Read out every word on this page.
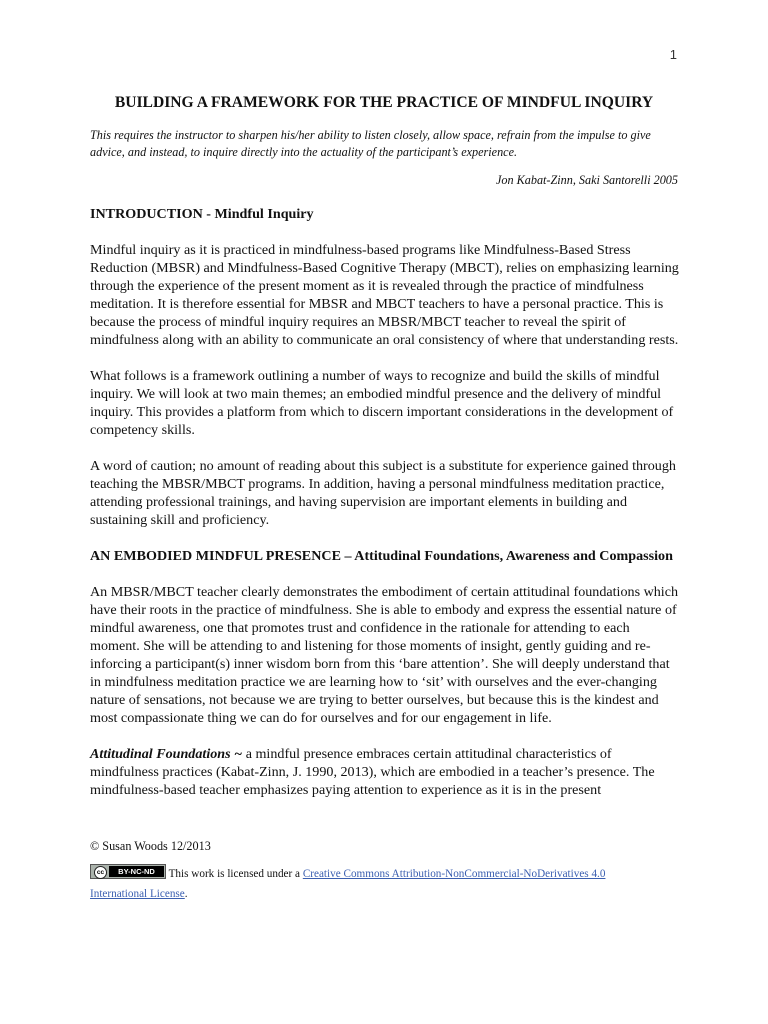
1
BUILDING A FRAMEWORK FOR THE PRACTICE OF MINDFUL INQUIRY

This requires the instructor to sharpen his/her ability to listen closely, allow space, refrain from the impulse to give advice, and instead, to inquire directly into the actuality of the participant’s experience.

Jon Kabat-Zinn, Saki Santorelli 2005

INTRODUCTION - Mindful Inquiry

Mindful inquiry as it is practiced in mindfulness-based programs like Mindfulness-Based Stress Reduction (MBSR) and Mindfulness-Based Cognitive Therapy (MBCT), relies on emphasizing learning through the experience of the present moment as it is revealed through the practice of mindfulness meditation. It is therefore essential for MBSR and MBCT teachers to have a personal practice. This is because the process of mindful inquiry requires an MBSR/MBCT teacher to reveal the spirit of mindfulness along with an ability to communicate an oral consistency of where that understanding rests.

What follows is a framework outlining a number of ways to recognize and build the skills of mindful inquiry. We will look at two main themes; an embodied mindful presence and the delivery of mindful inquiry. This provides a platform from which to discern important considerations in the development of competency skills.

A word of caution; no amount of reading about this subject is a substitute for experience gained through teaching the MBSR/MBCT programs. In addition, having a personal mindfulness meditation practice, attending professional trainings, and having supervision are important elements in building and sustaining skill and proficiency.

AN EMBODIED MINDFUL PRESENCE – Attitudinal Foundations, Awareness and Compassion

An MBSR/MBCT teacher clearly demonstrates the embodiment of certain attitudinal foundations which have their roots in the practice of mindfulness. She is able to embody and express the essential nature of mindful awareness, one that promotes trust and confidence in the rationale for attending to each moment. She will be attending to and listening for those moments of insight, gently guiding and re-inforcing a participant(s) inner wisdom born from this ‘bare attention’. She will deeply understand that in mindfulness meditation practice we are learning how to ‘sit’ with ourselves and the ever-changing nature of sensations, not because we are trying to better ourselves, but because this is the kindest and most compassionate thing we can do for ourselves and for our engagement in life.

Attitudinal Foundations ~ a mindful presence embraces certain attitudinal characteristics of mindfulness practices (Kabat-Zinn, J. 1990, 2013), which are embodied in a teacher’s presence. The mindfulness-based teacher emphasizes paying attention to experience as it is in the present

© Susan Woods 12/2013

cc	BY-NC-ND This work is licensed under a Creative Commons Attribution-NonCommercial-NoDerivatives 4.0

International License.
